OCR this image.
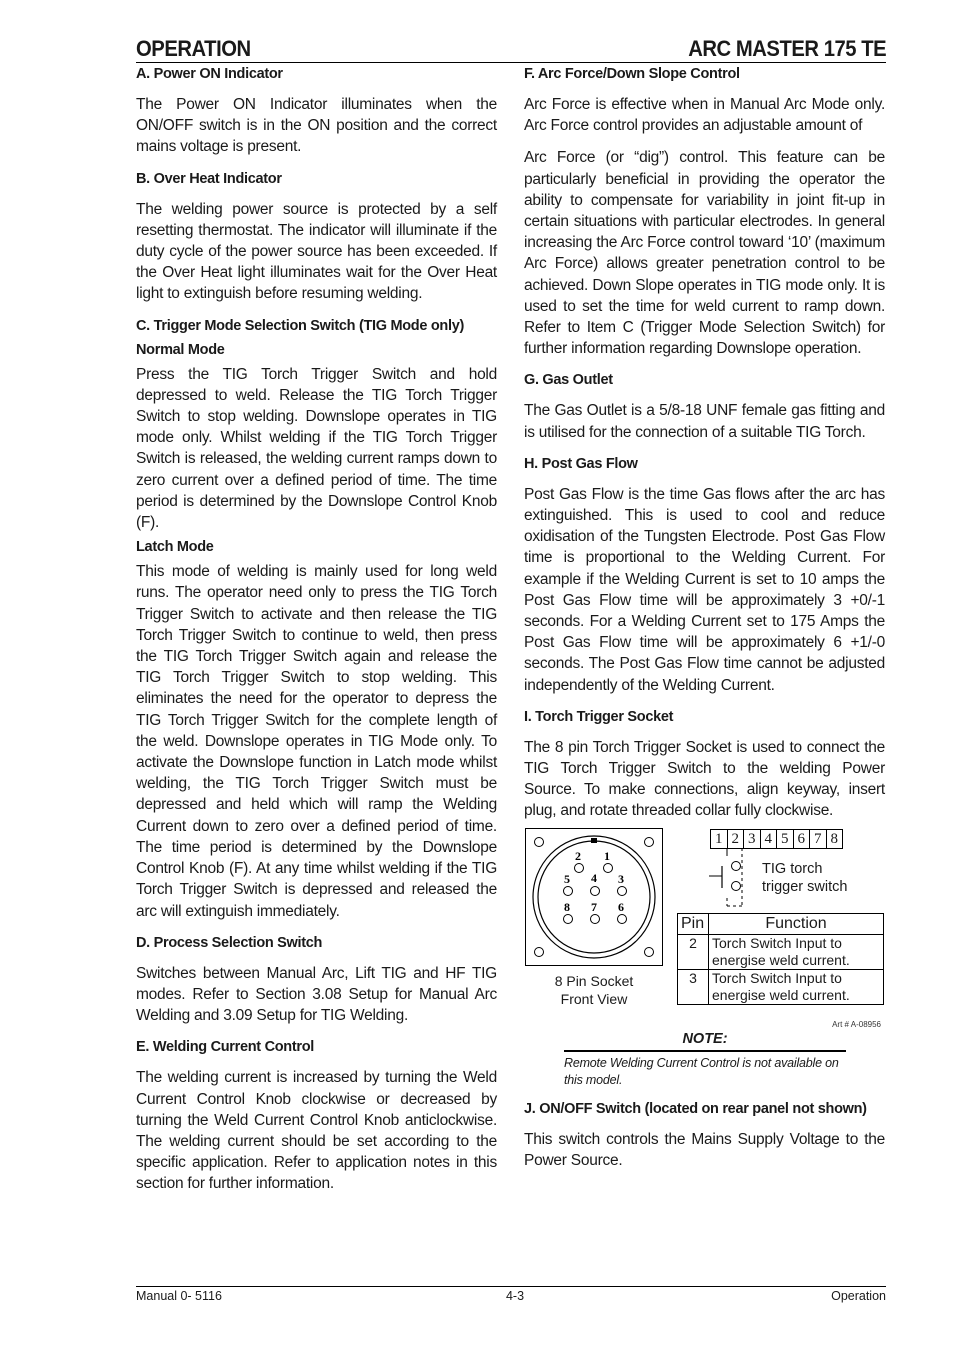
OPERATION	ARC MASTER 175 TE
A. Power ON Indicator

The Power ON Indicator illuminates when the ON/OFF switch is in the ON position and the correct mains voltage is present.

B. Over Heat Indicator

The welding power source is protected by a self resetting thermostat. The indicator will illuminate if the duty cycle of the power source has been exceeded. If the Over Heat light illuminates wait for the Over Heat light to extinguish before resuming welding.

C. Trigger Mode Selection Switch (TIG Mode only)
Normal Mode

Press the TIG Torch Trigger Switch and hold depressed to weld. Release the TIG Torch Trigger Switch to stop welding. Downslope operates in TIG mode only. Whilst welding if the TIG Torch Trigger Switch is released, the welding current ramps down to zero current over a defined period of time. The time period is determined by the Downslope Control Knob (F).

Latch Mode

This mode of welding is mainly used for long weld runs. The operator need only to press the TIG Torch Trigger Switch to activate and then release the TIG Torch Trigger Switch to continue to weld, then press the TIG Torch Trigger Switch again and release the TIG Torch Trigger Switch to stop welding. This eliminates the need for the operator to depress the TIG Torch Trigger Switch for the complete length of the weld. Downslope operates in TIG Mode only. To activate the Downslope function in Latch mode whilst welding, the TIG Torch Trigger Switch must be depressed and held which will ramp the Welding Current down to zero over a defined period of time. The time period is determined by the Downslope Control Knob (F). At any time whilst welding if the TIG Torch Trigger Switch is depressed and released the arc will extinguish immediately.

D. Process Selection Switch

Switches between Manual Arc, Lift TIG and HF TIG modes. Refer to Section 3.08 Setup for Manual Arc Welding and 3.09 Setup for TIG Welding.

E. Welding Current Control

The welding current is increased by turning the Weld Current Control Knob clockwise or decreased by turning the Weld Current Control Knob anticlockwise. The welding current should be set according to the specific application. Refer to application notes in this section for further information.

F. Arc Force/Down Slope Control

Arc Force is effective when in Manual Arc Mode only. Arc Force control provides an adjustable amount of

Arc Force (or “dig”) control. This feature can be particularly beneficial in providing the operator the ability to compensate for variability in joint fit-up in certain situations with particular electrodes. In general increasing the Arc Force control toward ‘10’ (maximum Arc Force) allows greater penetration control to be achieved. Down Slope operates in TIG mode only. It is used to set the time for weld current to ramp down. Refer to Item C (Trigger Mode Selection Switch) for further information regarding Downslope operation.

G. Gas Outlet

The Gas Outlet is a 5/8-18 UNF female gas fitting and is utilised for the connection of a suitable TIG Torch.

H. Post Gas Flow

Post Gas Flow is the time Gas flows after the arc has extinguished. This is used to cool and reduce oxidisation of the Tungsten Electrode. Post Gas Flow time is proportional to the Welding Current. For example if the Welding Current is set to 10 amps the Post Gas Flow time will be approximately 3 +0/-1 seconds. For a Welding Current set to 175 Amps the Post Gas Flow time will be approximately 6 +1/-0 seconds. The Post Gas Flow time cannot be adjusted independently of the Welding Current.

I. Torch Trigger Socket

The 8 pin Torch Trigger Socket is used to connect the TIG Torch Trigger Switch to the welding Power Source. To make connections, align keyway, insert plug, and rotate threaded collar fully clockwise.

2 1
5 4 3
8 7 6
8 Pin Socket
Front View
1 2 3 4 5 6 7 8
TIG torch
trigger switch
Pin	Function
2	Torch Switch Input to
energise weld current.

3	Torch Switch Input to
energise weld current.
Art # A-08956
NOTE:
Remote Welding Current Control is not available on this model.
J. ON/OFF Switch (located on rear panel not shown)

This switch controls the Mains Supply Voltage to the Power Source.

Manual 0- 5116	4-3	Operation
